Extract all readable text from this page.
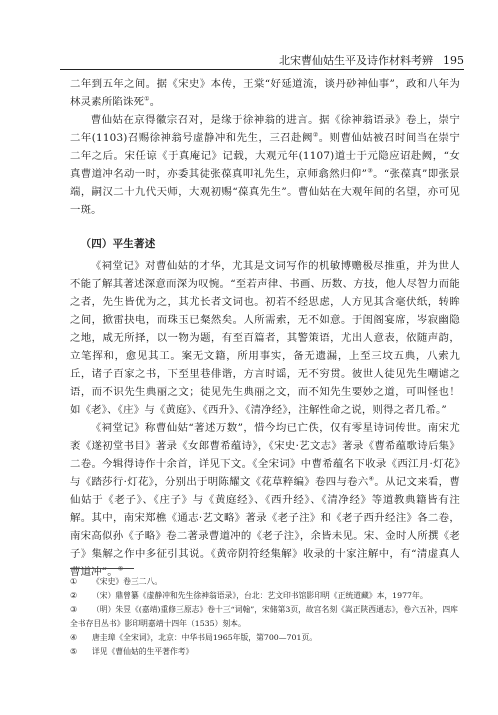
北宋曹仙姑生平及诗作材料考辨 195

二年到五年之间。据《宋史》本传，王棠“好延道流，谈丹砂神仙事”，政和八年为林灵素所陷诛死①。

曹仙姑在京得徽宗召对，是缘于徐神翁的进言。据《徐神翁语录》卷上，崇宁二年(1103)召赐徐神翁号虚静冲和先生，三召赴阙②。则曹仙姑被召时间当在崇宁二年之后。宋任谅《于真庵记》记载，大观元年(1107)道士于元隐应诏赴阙，“女真曹道冲名动一时，亦委其徒张葆真叩礼先生，京师翕然归仰”③。“张葆真”即张景端，嗣汉二十九代天师，大观初赐“葆真先生”。曹仙姑在大观年间的名望，亦可见一斑。

（四）平生著述

《祠堂记》对曹仙姑的才华，尤其是文词写作的机敏博赡极尽推重，并为世人不能了解其著述深意而深为叹惋。“至若声律、书画、历数、方技，他人尽智力而能之者，先生皆优为之，其尤长者文词也。初若不经思虑，人方见其含毫伏纸，转眸之间，掀雷抉电，而珠玉已粲然矣。人所需索，无不如意。于闺阁宴席，岑寂幽隐之地，咸无所择，以一物为题，有至百篇者，其警策语，尤出人意表，依随声韵，立笔挥和，愈见其工。案无文籍，所用事实，备无遗漏，上至三坟五典，八索九丘，诸子百家之书，下至里巷俳谐，方言时谣，无不穷贯。彼世人徒见先生嘲谑之语，而不识先生典丽之文；徒见先生典丽之文，而不知先生要妙之道，可叫怪也！如《老》、《庄》与《黄庭》、《西升》、《清净经》，注解性命之说，则得之者几希。”

《祠堂记》称曹仙姑“著述万数”，惜今均已亡佚，仅有零星诗词传世。南宋尤袤《遂初堂书目》著录《女郎曹希蕴诗》，《宋史·艺文志》著录《曹希蕴歌诗后集》二卷。今辑得诗作十余首，详见下文。《全宋词》中曹希蕴名下收录《西江月·灯花》与《踏莎行·灯花》，分别出于明陈耀文《花草粹编》卷四与卷六④。从记文来看，曹仙姑于《老子》、《庄子》与《黄庭经》、《西升经》、《清净经》等道教典籍皆有注解。其中，南宋郑樵《通志·艺文略》著录《老子注》和《老子西升经注》各二卷，南宋高似孙《子略》卷二著录曹道冲的《老子注》，余皆未见。宋、金时人所撰《老子》集解之作中多征引其说。《黄帝阴符经集解》收录的十家注解中，有“清虚真人曹道冲”。⑤

① 《宋史》卷三二八。
② （宋）鼎曾纂《虚静冲和先生徐神翁语录》，台北：艺文印书馆影印明《正统道藏》本，1977年。
③ （明）朱昱《(嘉靖)重修三原志》卷十三“词翰”，宋储第3页，故宫名刻《嵩正陕西通志》，卷六五补，四库全书存目丛书》影印明嘉靖十四年（1535）刻本。
④ 唐圭璋《全宋词》，北京：中华书局1965年版，第700—701页。
⑤ 详见《曹仙姑的生平著作考》
